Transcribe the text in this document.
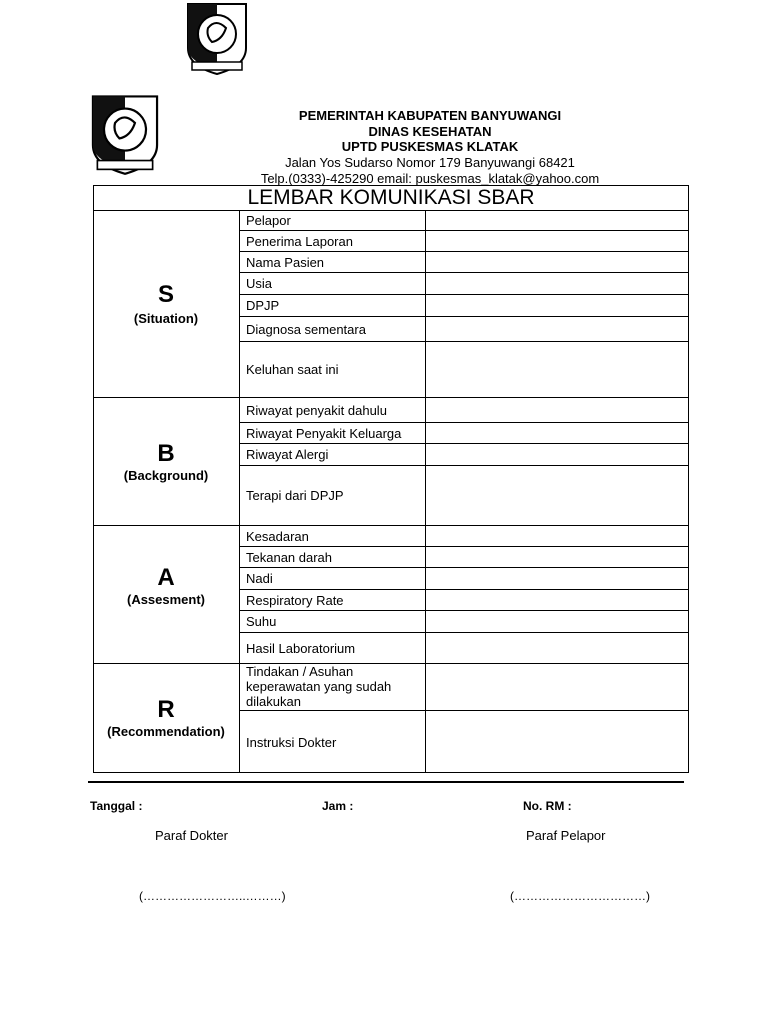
PEMERINTAH KABUPATEN BANYUWANGI
DINAS KESEHATAN
UPTD PUSKESMAS KLATAK
Jalan Yos Sudarso Nomor 179 Banyuwangi 68421
Telp.(0333)-425290 email: puskesmas_klatak@yahoo.com
LEMBAR KOMUNIKASI SBAR
S
(Situation)
Pelapor
Penerima Laporan
Nama Pasien
Usia
DPJP
Diagnosa sementara
Keluhan saat ini
B
(Background)
Riwayat penyakit dahulu
Riwayat Penyakit Keluarga
Riwayat Alergi
Terapi dari DPJP
A
(Assesment)
Kesadaran
Tekanan darah
Nadi
Respiratory Rate
Suhu
Hasil Laboratorium
R
(Recommendation)
Tindakan / Asuhan keperawatan yang sudah dilakukan
Instruksi Dokter
Tanggal :	Jam :	No. RM :
Paraf Dokter	Paraf Pelapor
(……………………..………)	(……………………………)
